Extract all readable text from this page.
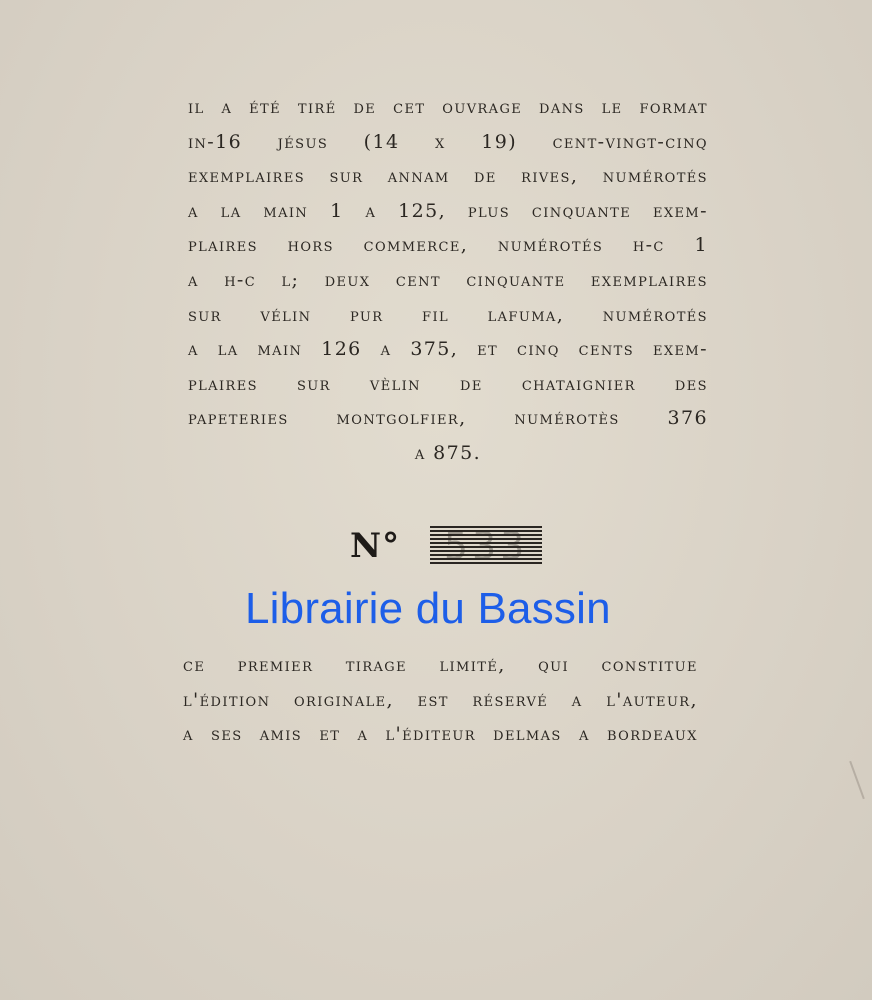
il a été tiré de cet ouvrage dans le format
in-16 jésus (14 x 19) cent-vingt-cinq
exemplaires sur annam de rives, numérotés
a la main 1 a 125, plus cinquante exem-
plaires hors commerce, numérotés h-c 1
a h-c l; deux cent cinquante exemplaires
sur vélin pur fil lafuma, numérotés
a la main 126 a 375, et cinq cents exem-
plaires sur vèlin de chataignier des
papeteries	montgolfier,	numérotès	376
a 875.
N° 533
Librairie du Bassin
ce premier tirage limité, qui constitue
l'édition originale, est réservé a l'auteur,
a ses amis et a l'éditeur delmas a bordeaux
